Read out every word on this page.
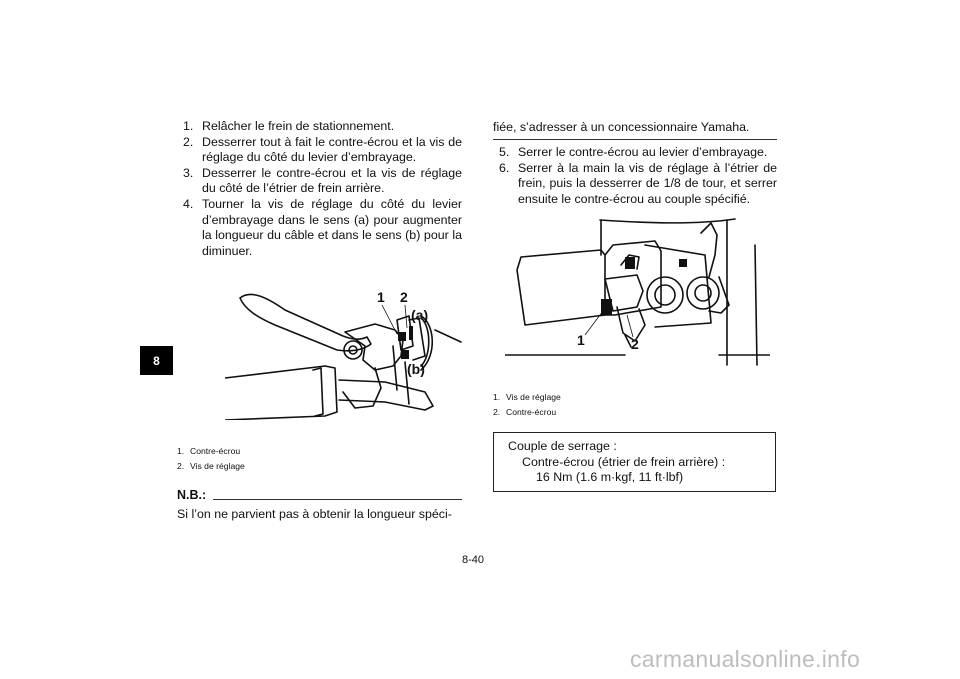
8
1. Relâcher le frein de stationnement.
2. Desserrer tout à fait le contre-écrou et la vis de réglage du côté du levier d’embrayage.
3. Desserrer le contre-écrou et la vis de réglage du côté de l’étrier de frein arrière.
4. Tourner la vis de réglage du côté du levier d’embrayage dans le sens (a) pour augmenter la longueur du câble et dans le sens (b) pour la diminuer.
1 2
(a)
(b)
1. Contre-écrou
2. Vis de réglage
N.B.:
Si l’on ne parvient pas à obtenir la longueur spéci-
fiée, s’adresser à un concessionnaire Yamaha.
5. Serrer le contre-écrou au levier d’embrayage.
6. Serrer à la main la vis de réglage à l’étrier de frein, puis la desserrer de 1/8 de tour, et serrer ensuite le contre-écrou au couple spécifié.
1	2
1. Vis de réglage
2. Contre-écrou
Couple de serrage :
Contre-écrou (étrier de frein arrière) :
16 Nm (1.6 m·kgf, 11 ft·lbf)
8-40
carmanualsonline.info
